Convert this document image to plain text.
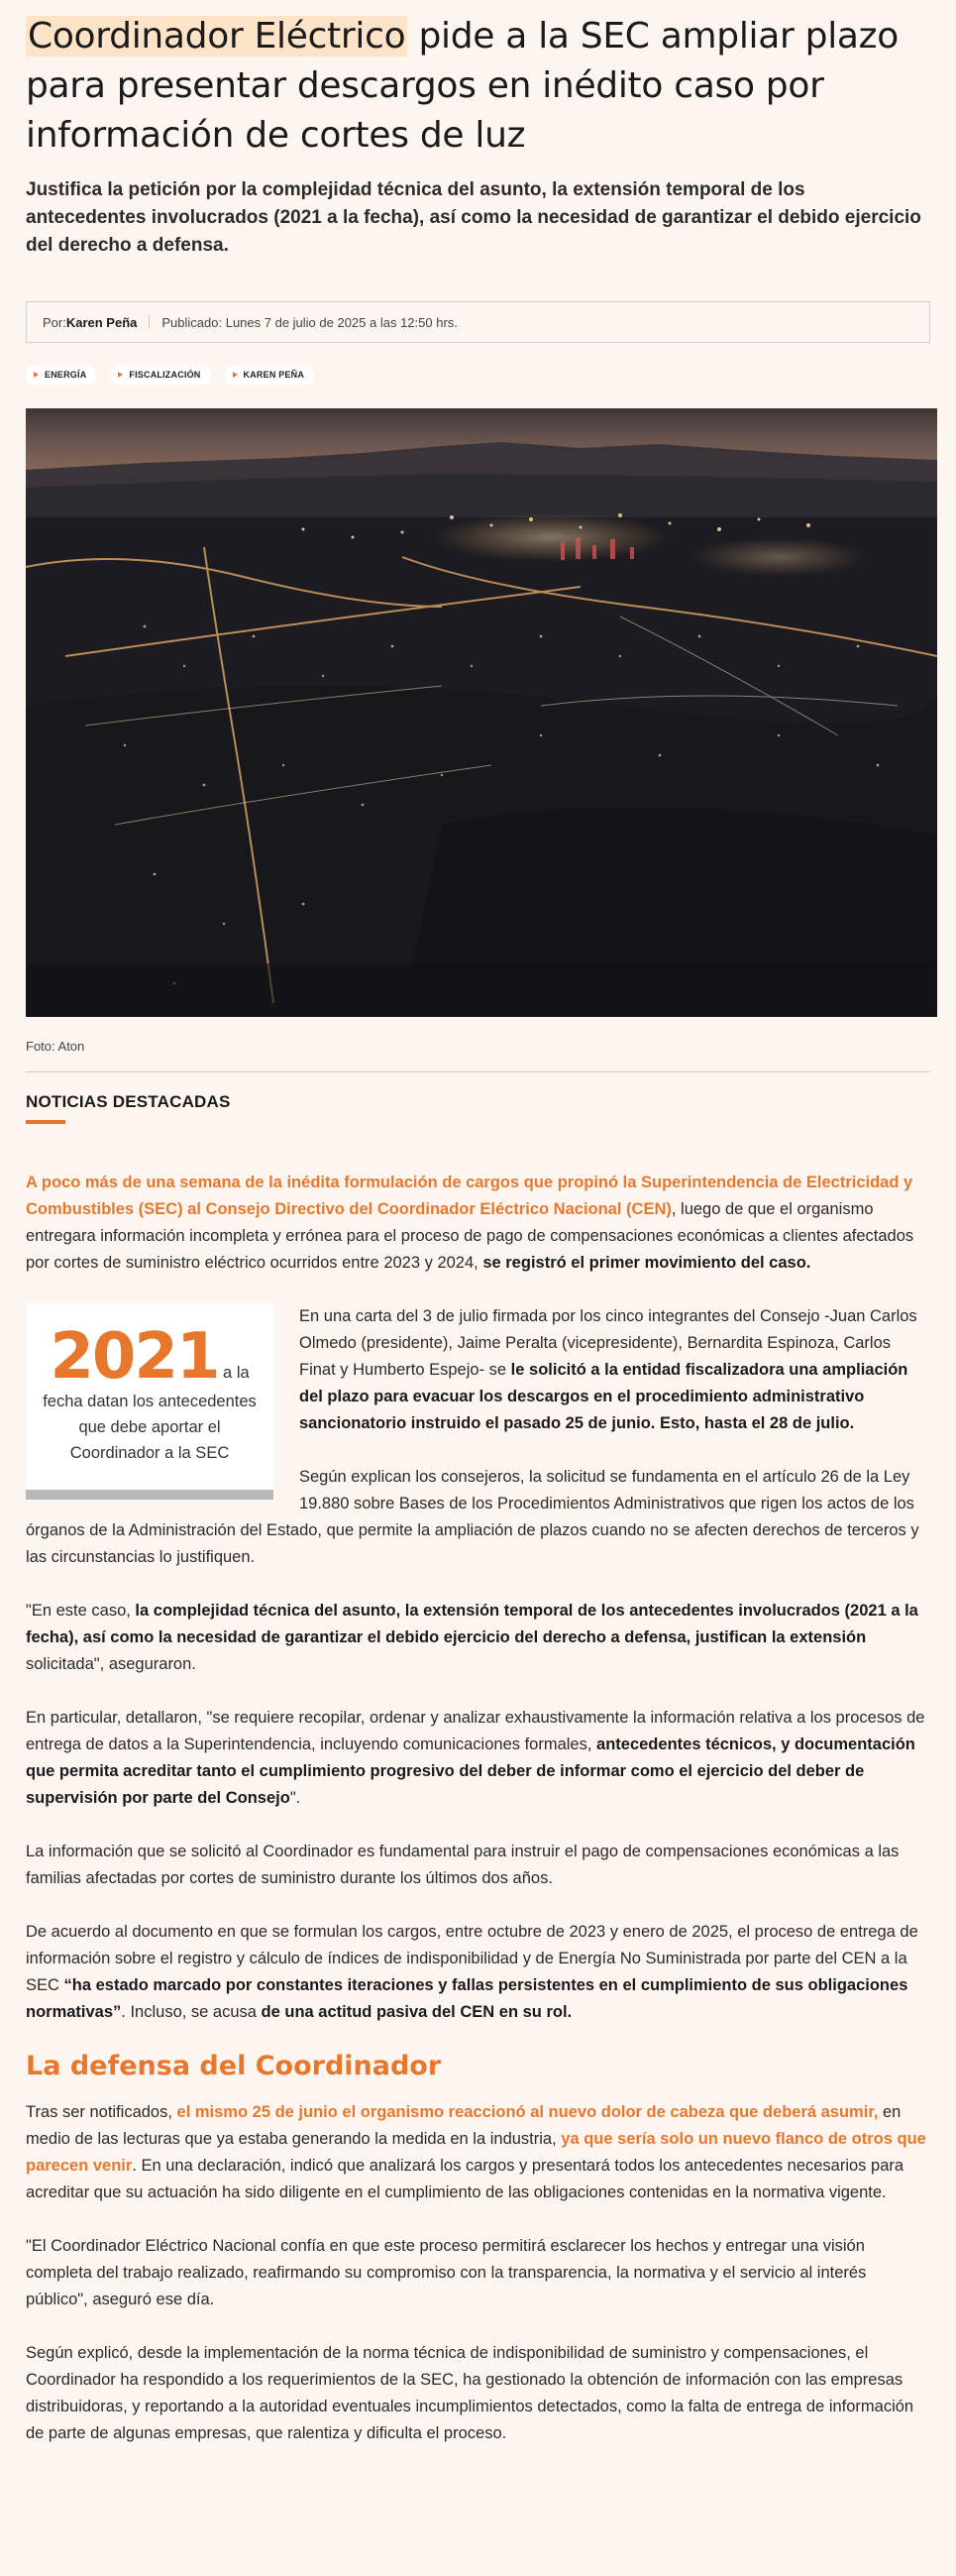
Coordinador Eléctrico pide a la SEC ampliar plazo para presentar descargos en inédito caso por información de cortes de luz

Justifica la petición por la complejidad técnica del asunto, la extensión temporal de los antecedentes involucrados (2021 a la fecha), así como la necesidad de garantizar el debido ejercicio del derecho a defensa.

Por: Karen Peña Publicado: Lunes 7 de julio de 2025 a las 12:50 hrs.
ENERGÍA	FISCALIZACIÓN	KAREN PEÑA

Foto: Aton

NOTICIAS DESTACADAS

A poco más de una semana de la inédita formulación de cargos que propinó la Superintendencia de Electricidad y Combustibles (SEC) al Consejo Directivo del Coordinador Eléctrico Nacional (CEN), luego de que el organismo entregara información incompleta y errónea para el proceso de pago de compensaciones económicas a clientes afectados por cortes de suministro eléctrico ocurridos entre 2023 y 2024, se registró el primer movimiento del caso.

2021 a la
fecha datan los antecedentes que debe aportar el Coordinador a la SEC

En una carta del 3 de julio firmada por los cinco integrantes del Consejo -Juan Carlos Olmedo (presidente), Jaime Peralta (vicepresidente), Bernardita Espinoza, Carlos Finat y Humberto Espejo- se le solicitó a la entidad fiscalizadora una ampliación del plazo para evacuar los descargos en el procedimiento administrativo sancionatorio instruido el pasado 25 de junio. Esto, hasta el 28 de julio.

Según explican los consejeros, la solicitud se fundamenta en el artículo 26 de la Ley 19.880 sobre Bases de los Procedimientos Administrativos que rigen los actos de los órganos de la Administración del Estado, que permite la ampliación de plazos cuando no se afecten derechos de terceros y las circunstancias lo justifiquen.

"En este caso, la complejidad técnica del asunto, la extensión temporal de los antecedentes involucrados (2021 a la fecha), así como la necesidad de garantizar el debido ejercicio del derecho a defensa, justifican la extensión solicitada", aseguraron.

En particular, detallaron, "se requiere recopilar, ordenar y analizar exhaustivamente la información relativa a los procesos de entrega de datos a la Superintendencia, incluyendo comunicaciones formales, antecedentes técnicos, y documentación que permita acreditar tanto el cumplimiento progresivo del deber de informar como el ejercicio del deber de supervisión por parte del Consejo".

La información que se solicitó al Coordinador es fundamental para instruir el pago de compensaciones económicas a las familias afectadas por cortes de suministro durante los últimos dos años.

De acuerdo al documento en que se formulan los cargos, entre octubre de 2023 y enero de 2025, el proceso de entrega de información sobre el registro y cálculo de índices de indisponibilidad y de Energía No Suministrada por parte del CEN a la SEC “ha estado marcado por constantes iteraciones y fallas persistentes en el cumplimiento de sus obligaciones normativas”. Incluso, se acusa de una actitud pasiva del CEN en su rol.

La defensa del Coordinador

Tras ser notificados, el mismo 25 de junio el organismo reaccionó al nuevo dolor de cabeza que deberá asumir, en medio de las lecturas que ya estaba generando la medida en la industria, ya que sería solo un nuevo flanco de otros que parecen venir. En una declaración, indicó que analizará los cargos y presentará todos los antecedentes necesarios para acreditar que su actuación ha sido diligente en el cumplimiento de las obligaciones contenidas en la normativa vigente.

"El Coordinador Eléctrico Nacional confía en que este proceso permitirá esclarecer los hechos y entregar una visión completa del trabajo realizado, reafirmando su compromiso con la transparencia, la normativa y el servicio al interés público", aseguró ese día.

Según explicó, desde la implementación de la norma técnica de indisponibilidad de suministro y compensaciones, el Coordinador ha respondido a los requerimientos de la SEC, ha gestionado la obtención de información con las empresas distribuidoras, y reportando a la autoridad eventuales incumplimientos detectados, como la falta de entrega de información de parte de algunas empresas, que ralentiza y dificulta el proceso.
